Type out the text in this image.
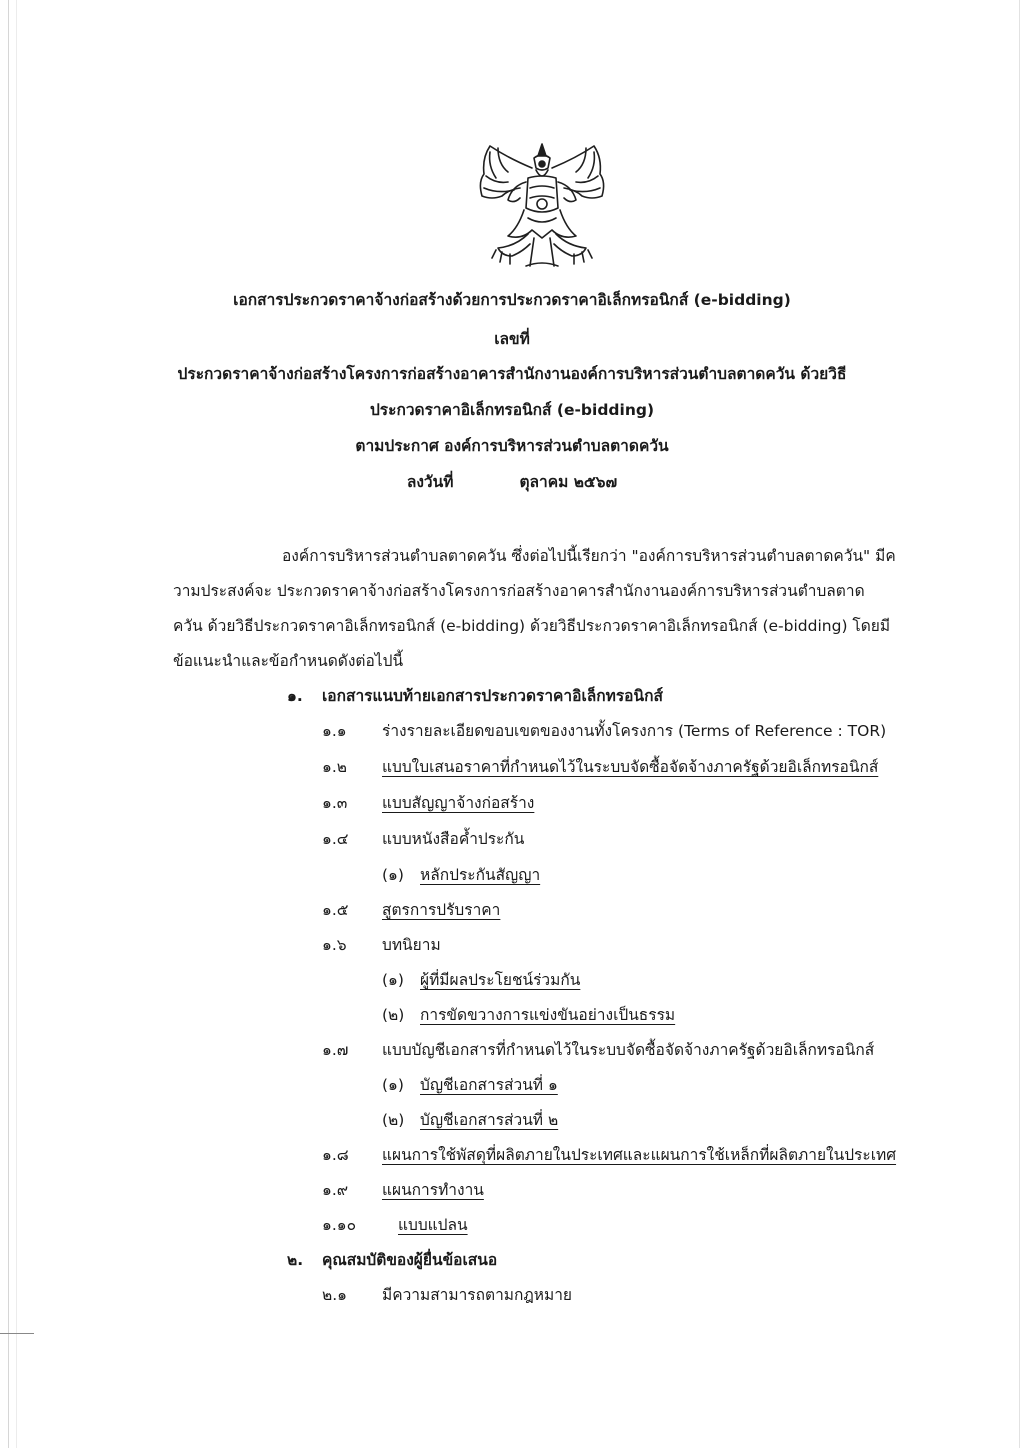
เอกสารประกวดราคาจ้างก่อสร้างด้วยการประกวดราคาอิเล็กทรอนิกส์ (e-bidding)
เลขที่
ประกวดราคาจ้างก่อสร้างโครงการก่อสร้างอาคารสำนักงานองค์การบริหารส่วนตำบลตาดควัน ด้วยวิธี
ประกวดราคาอิเล็กทรอนิกส์ (e-bidding)
ตามประกาศ องค์การบริหารส่วนตำบลตาดควัน
ลงวันที่	ตุลาคม ๒๕๖๗
องค์การบริหารส่วนตำบลตาดควัน ซึ่งต่อไปนี้เรียกว่า "องค์การบริหารส่วนตำบลตาดควัน" มีค
วามประสงค์จะ ประกวดราคาจ้างก่อสร้างโครงการก่อสร้างอาคารสำนักงานองค์การบริหารส่วนตำบลตาด
ควัน ด้วยวิธีประกวดราคาอิเล็กทรอนิกส์ (e-bidding) ด้วยวิธีประกวดราคาอิเล็กทรอนิกส์ (e-bidding) โดยมี
ข้อแนะนำและข้อกำหนดดังต่อไปนี้
๑. เอกสารแนบท้ายเอกสารประกวดราคาอิเล็กทรอนิกส์
๑.๑ ร่างรายละเอียดขอบเขตของงานทั้งโครงการ (Terms of Reference : TOR)
๑.๒ แบบใบเสนอราคาที่กำหนดไว้ในระบบจัดซื้อจัดจ้างภาครัฐด้วยอิเล็กทรอนิกส์
๑.๓ แบบสัญญาจ้างก่อสร้าง
๑.๔ แบบหนังสือค้ำประกัน
(๑) หลักประกันสัญญา
๑.๕ สูตรการปรับราคา
๑.๖ บทนิยาม
(๑) ผู้ที่มีผลประโยชน์ร่วมกัน
(๒) การขัดขวางการแข่งขันอย่างเป็นธรรม
๑.๗ แบบบัญชีเอกสารที่กำหนดไว้ในระบบจัดซื้อจัดจ้างภาครัฐด้วยอิเล็กทรอนิกส์
(๑) บัญชีเอกสารส่วนที่ ๑
(๒) บัญชีเอกสารส่วนที่ ๒
๑.๘ แผนการใช้พัสดุที่ผลิตภายในประเทศและแผนการใช้เหล็กที่ผลิตภายในประเทศ
๑.๙ แผนการทำงาน
๑.๑๐	แบบแปลน
๒. คุณสมบัติของผู้ยื่นข้อเสนอ
๒.๑ มีความสามารถตามกฎหมาย
